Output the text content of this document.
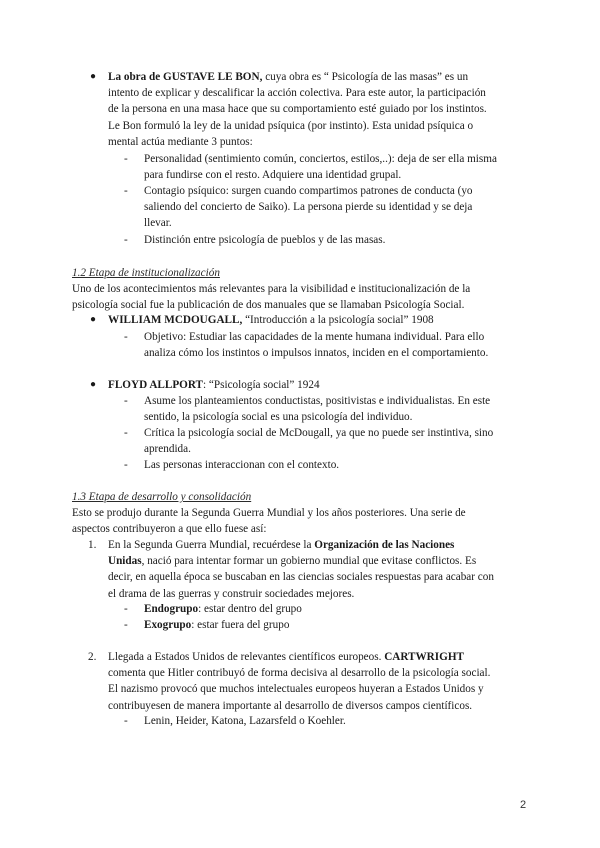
● La obra de GUSTAVE LE BON, cuya obra es “ Psicología de las masas” es un

intento de explicar y descalificar la acción colectiva. Para este autor, la participación

de la persona en una masa hace que su comportamiento esté guiado por los instintos.

Le Bon formuló la ley de la unidad psíquica (por instinto). Esta unidad psíquica o

mental actúa mediante 3 puntos:

- Personalidad (sentimiento común, conciertos, estilos,..): deja de ser ella misma

para fundirse con el resto. Adquiere una identidad grupal.

- Contagio psíquico: surgen cuando compartimos patrones de conducta (yo

saliendo del concierto de Saiko). La persona pierde su identidad y se deja

llevar.

- Distinción entre psicología de pueblos y de las masas.

1.2 Etapa de institucionalización

Uno de los acontecimientos más relevantes para la visibilidad e institucionalización de la

psicología social fue la publicación de dos manuales que se llamaban Psicología Social.

● WILLIAM MCDOUGALL, “Introducción a la psicología social” 1908

- Objetivo: Estudiar las capacidades de la mente humana individual. Para ello

analiza cómo los instintos o impulsos innatos, inciden en el comportamiento.

● FLOYD ALLPORT: “Psicología social” 1924

- Asume los planteamientos conductistas, positivistas e individualistas. En este

sentido, la psicología social es una psicología del individuo.

- Crítica la psicología social de McDougall, ya que no puede ser instintiva, sino

aprendida.

- Las personas interaccionan con el contexto.

1.3 Etapa de desarrollo y consolidación

Esto se produjo durante la Segunda Guerra Mundial y los años posteriores. Una serie de

aspectos contribuyeron a que ello fuese así:

1. En la Segunda Guerra Mundial, recuérdese la Organización de las Naciones

Unidas, nació para intentar formar un gobierno mundial que evitase conflictos. Es

decir, en aquella época se buscaban en las ciencias sociales respuestas para acabar con

el drama de las guerras y construir sociedades mejores.

- Endogrupo: estar dentro del grupo

- Exogrupo: estar fuera del grupo

2. Llegada a Estados Unidos de relevantes científicos europeos. CARTWRIGHT

comenta que Hitler contribuyó de forma decisiva al desarrollo de la psicología social.

El nazismo provocó que muchos intelectuales europeos huyeran a Estados Unidos y

contribuyesen de manera importante al desarrollo de diversos campos científicos.

- Lenin, Heider, Katona, Lazarsfeld o Koehler.

2
